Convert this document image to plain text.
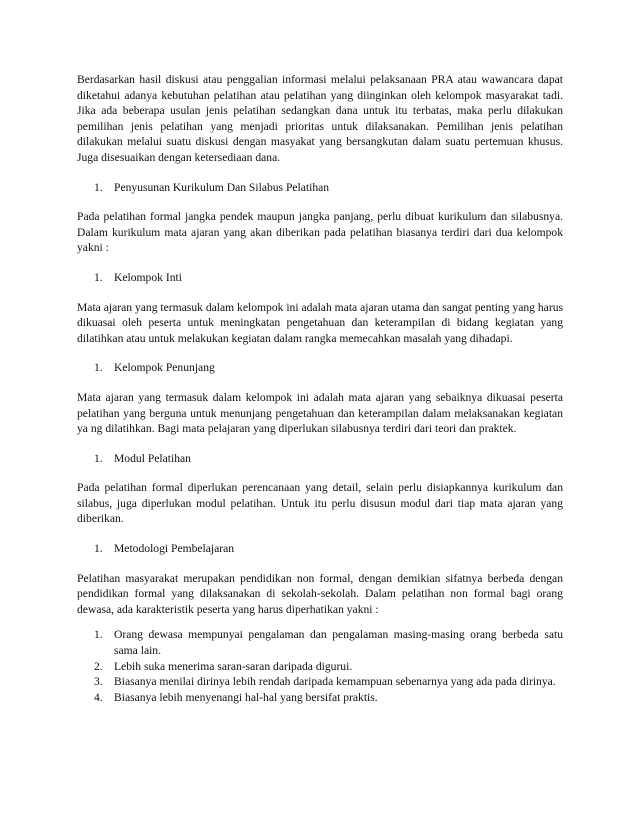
Berdasarkan hasil diskusi atau penggalian informasi melalui pelaksanaan PRA atau wawancara dapat diketahui adanya kebutuhan pelatihan atau pelatihan yang diinginkan oleh kelompok masyarakat tadi. Jika ada beberapa usulan jenis pelatihan sedangkan dana untuk itu terbatas, maka perlu dilakukan pemilihan jenis pelatihan yang menjadi prioritas untuk dilaksanakan. Pemilihan jenis pelatihan dilakukan melalui suatu diskusi dengan masyakat yang bersangkutan dalam suatu pertemuan khusus. Juga disesuaikan dengan ketersediaan dana.

1. Penyusunan Kurikulum Dan Silabus Pelatihan

Pada pelatihan formal jangka pendek maupun jangka panjang, perlu dibuat kurikulum dan silabusnya. Dalam kurikulum mata ajaran yang akan diberikan pada pelatihan biasanya terdiri dari dua kelompok yakni :

1. Kelompok Inti

Mata ajaran yang termasuk dalam kelompok ini adalah mata ajaran utama dan sangat penting yang harus dikuasai oleh peserta untuk meningkatan pengetahuan dan keterampilan di bidang kegiatan yang dilatihkan atau untuk melakukan kegiatan dalam rangka memecahkan masalah yang dihadapi.

1. Kelompok Penunjang

Mata ajaran yang termasuk dalam kelompok ini adalah mata ajaran yang sebaiknya dikuasai peserta pelatihan yang berguna untuk menunjang pengetahuan dan keterampilan dalam melaksanakan kegiatan ya ng dilatihkan. Bagi mata pelajaran yang diperlukan silabusnya terdiri dari teori dan praktek.

1. Modul Pelatihan

Pada pelatihan formal diperlukan perencanaan yang detail, selain perlu disiapkannya kurikulum dan silabus, juga diperlukan modul pelatihan. Untuk itu perlu disusun modul dari tiap mata ajaran yang diberikan.

1. Metodologi Pembelajaran

Pelatihan masyarakat merupakan pendidikan non formal, dengan demikian sifatnya berbeda dengan pendidikan formal yang dilaksanakan di sekolah-sekolah. Dalam pelatihan non formal bagi orang dewasa, ada karakteristik peserta yang harus diperhatikan yakni :

1. Orang dewasa mempunyai pengalaman dan pengalaman masing-masing orang berbeda satu sama lain.
2. Lebih suka menerima saran-saran daripada digurui.
3. Biasanya menilai dirinya lebih rendah daripada kemampuan sebenarnya yang ada pada dirinya.
4. Biasanya lebih menyenangi hal-hal yang bersifat praktis.
